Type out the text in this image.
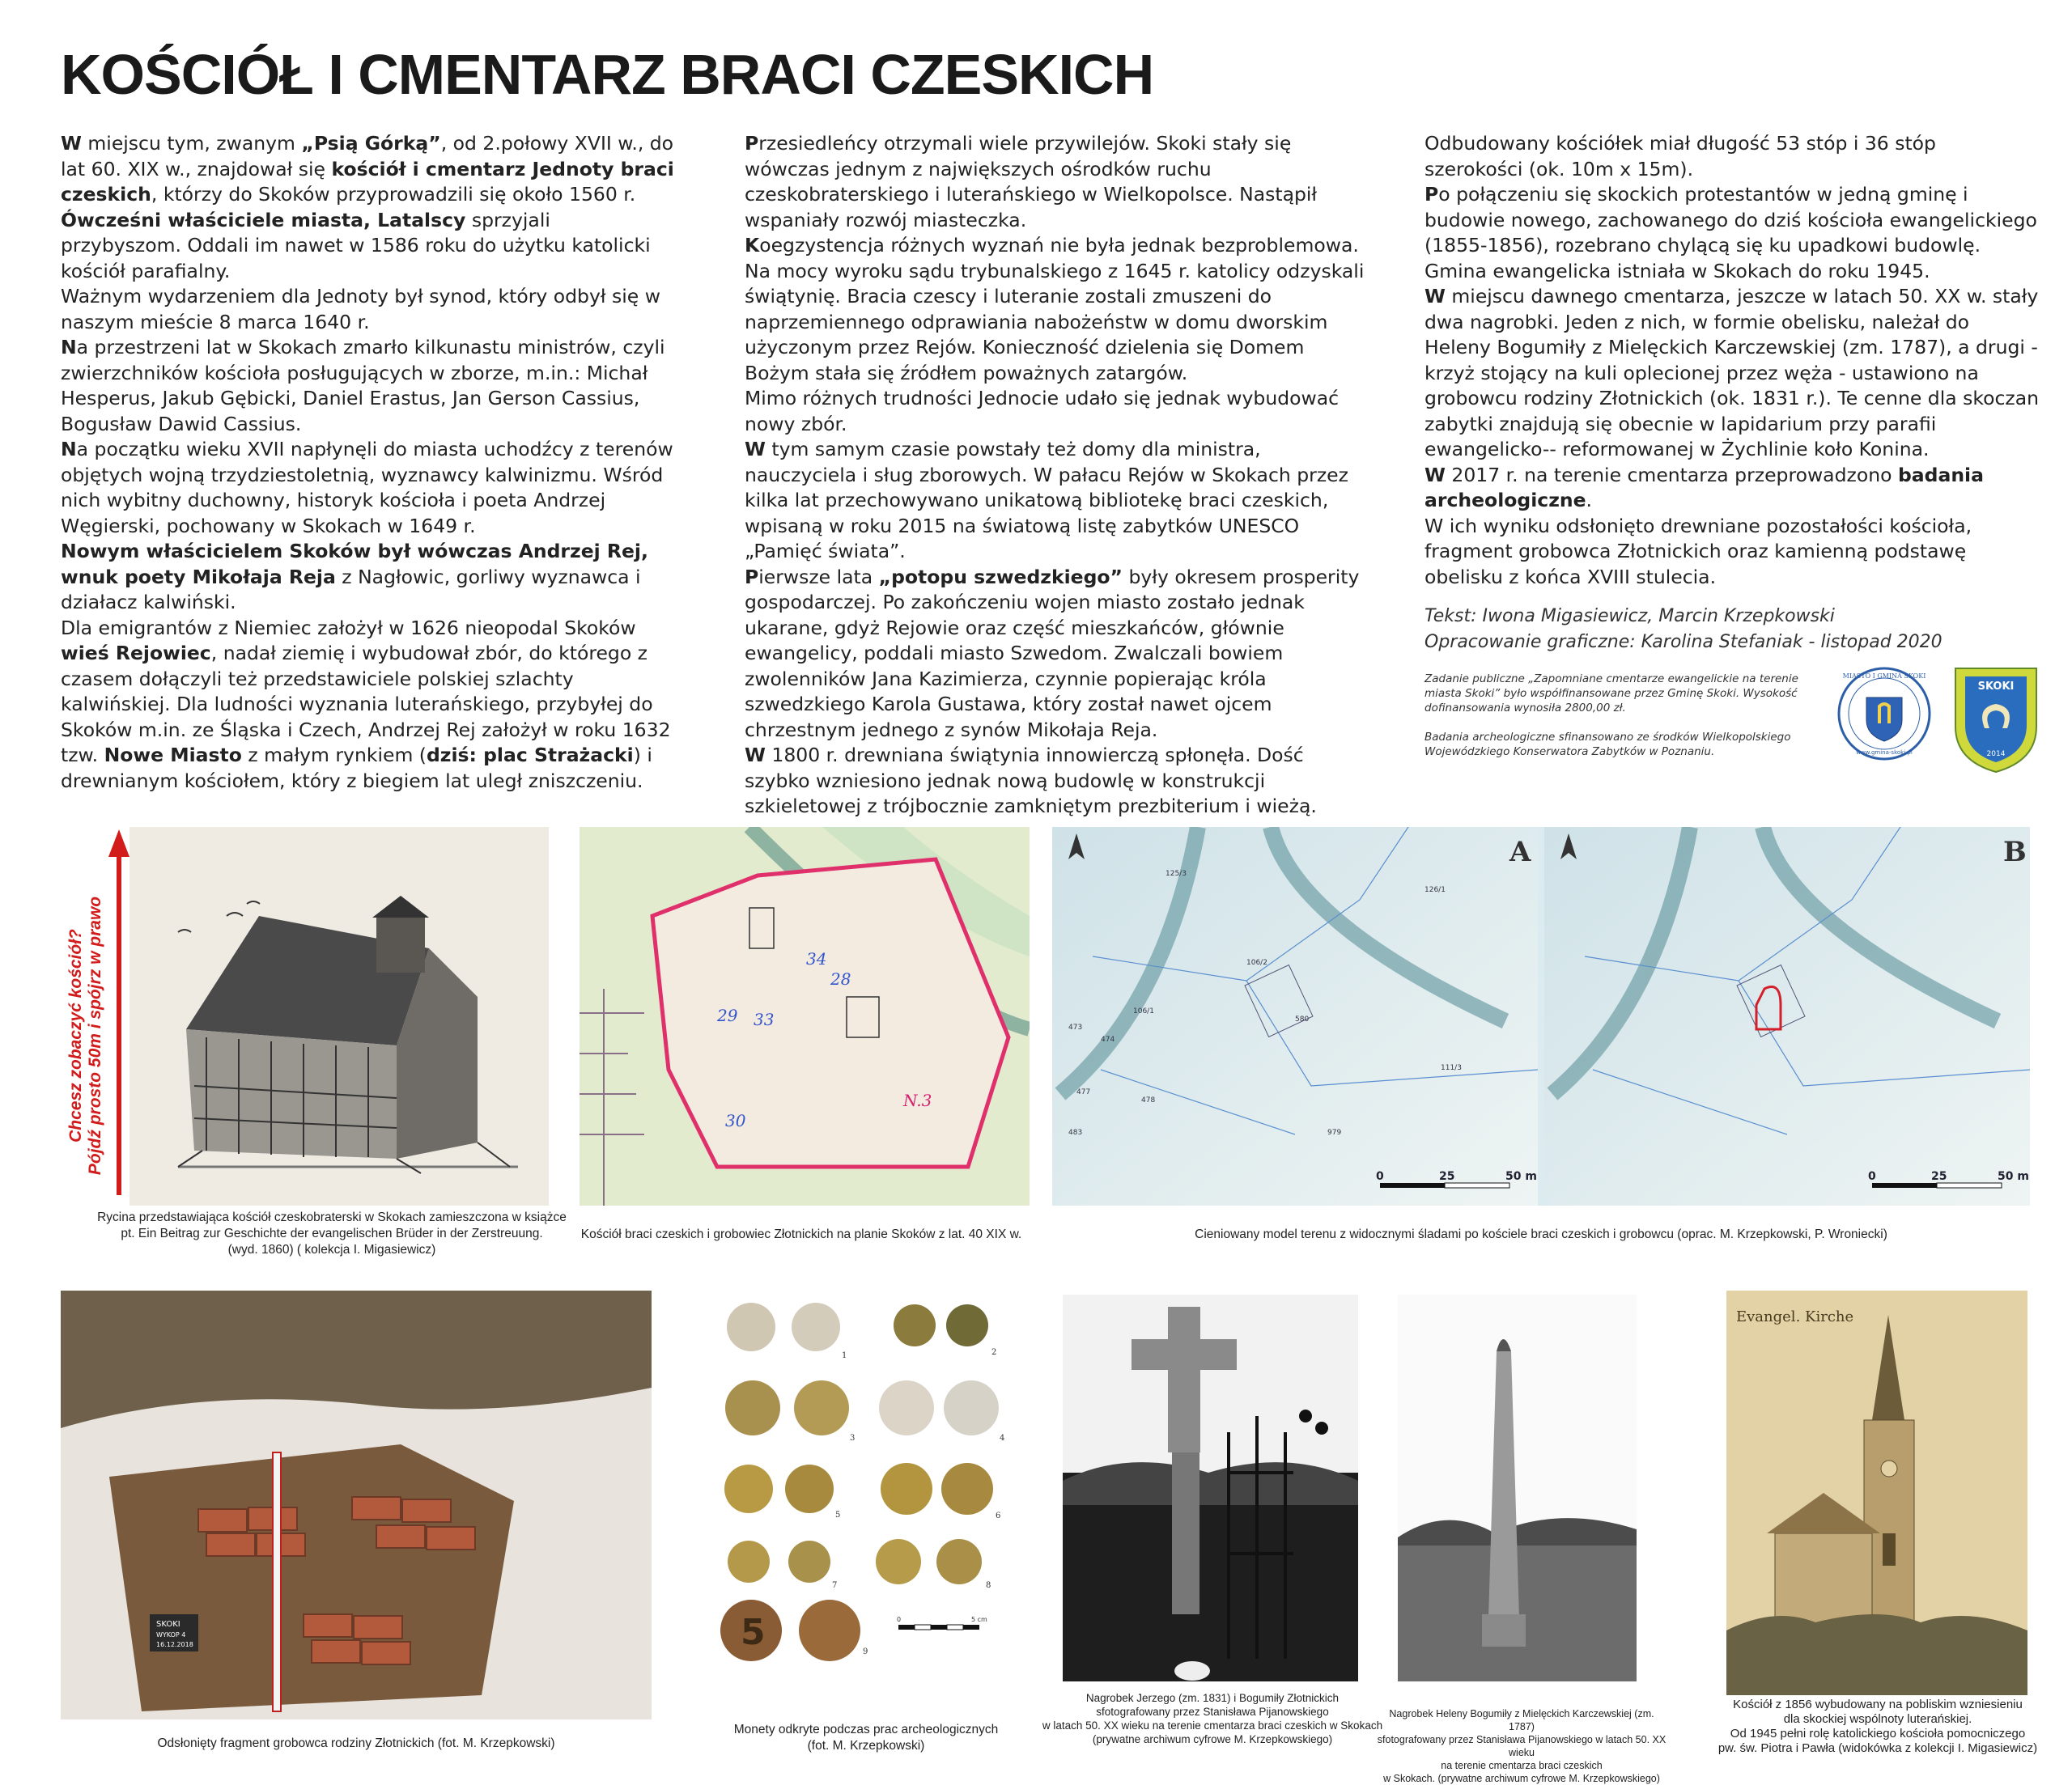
KOŚCIÓŁ I CMENTARZ BRACI CZESKICH

W miejscu tym, zwanym „Psią Górką”, od 2.połowy XVII w., do lat 60. XIX w., znajdował się kościół i cmentarz Jednoty braci czeskich, którzy do Skoków przyprowadzili się około 1560 r.

Ówcześni właściciele miasta, Latalscy sprzyjali przybyszom. Oddali im nawet w 1586 roku do użytku katolicki kościół parafialny.

Ważnym wydarzeniem dla Jednoty był synod, który odbył się w naszym mieście 8 marca 1640 r.

Na przestrzeni lat w Skokach zmarło kilkunastu ministrów, czyli zwierzchników kościoła posługujących w zborze, m.in.: Michał Hesperus, Jakub Gębicki, Daniel Erastus, Jan Gerson Cassius, Bogusław Dawid Cassius.

Na początku wieku XVII napłynęli do miasta uchodźcy z terenów objętych wojną trzydziestoletnią, wyznawcy kalwinizmu. Wśród nich wybitny duchowny, historyk kościoła i poeta Andrzej Węgierski, pochowany w Skokach w 1649 r.

Nowym właścicielem Skoków był wówczas Andrzej Rej, wnuk poety Mikołaja Reja z Nagłowic, gorliwy wyznawca i działacz kalwiński.

Dla emigrantów z Niemiec założył w 1626 nieopodal Skoków wieś Rejowiec, nadał ziemię i wybudował zbór, do którego z czasem dołączyli też przedstawiciele polskiej szlachty kalwińskiej. Dla ludności wyznania luterańskiego, przybyłej do Skoków m.in. ze Śląska i Czech, Andrzej Rej założył w roku 1632 tzw. Nowe Miasto z małym rynkiem (dziś: plac Strażacki) i drewnianym kościołem, który z biegiem lat uległ zniszczeniu.

Przesiedleńcy otrzymali wiele przywilejów. Skoki stały się wówczas jednym z największych ośrodków ruchu czeskobraterskiego i luterańskiego w Wielkopolsce. Nastąpił wspaniały rozwój miasteczka.

Koegzystencja różnych wyznań nie była jednak bezproblemowa. Na mocy wyroku sądu trybunalskiego z 1645 r. katolicy odzyskali świątynię. Bracia czescy i luteranie zostali zmuszeni do naprzemiennego odprawiania nabożeństw w domu dworskim użyczonym przez Rejów. Konieczność dzielenia się Domem Bożym stała się źródłem poważnych zatargów.

Mimo różnych trudności Jednocie udało się jednak wybudować nowy zbór.

W tym samym czasie powstały też domy dla ministra, nauczyciela i sług zborowych. W pałacu Rejów w Skokach przez kilka lat przechowywano unikatową bibliotekę braci czeskich, wpisaną w roku 2015 na światową listę zabytków UNESCO „Pamięć świata”.

Pierwsze lata „potopu szwedzkiego” były okresem prosperity gospodarczej. Po zakończeniu wojen miasto zostało jednak ukarane, gdyż Rejowie oraz część mieszkańców, głównie ewangelicy, poddali miasto Szwedom. Zwalczali bowiem zwolenników Jana Kazimierza, czynnie popierając króla szwedzkiego Karola Gustawa, który został nawet ojcem chrzestnym jednego z synów Mikołaja Reja.

W 1800 r. drewniana świątynia innowierczą spłonęła. Dość szybko wzniesiono jednak nową budowlę w konstrukcji szkieletowej z trójbocznie zamkniętym prezbiterium i wieżą.

Odbudowany kościółek miał długość 53 stóp i 36 stóp szerokości (ok. 10m x 15m).

Po połączeniu się skockich protestantów w jedną gminę i budowie nowego, zachowanego do dziś kościoła ewangelickiego (1855-1856), rozebrano chylącą się ku upadkowi budowlę. Gmina ewangelicka istniała w Skokach do roku 1945.

W miejscu dawnego cmentarza, jeszcze w latach 50. XX w. stały dwa nagrobki. Jeden z nich, w formie obelisku, należał do Heleny Bogumiły z Mielęckich Karczewskiej (zm. 1787), a drugi - krzyż stojący na kuli oplecionej przez węża - ustawiono na grobowcu rodziny Złotnickich (ok. 1831 r.). Te cenne dla skoczan zabytki znajdują się obecnie w lapidarium przy parafii ewangelicko-- reformowanej w Żychlinie koło Konina.

W 2017 r. na terenie cmentarza przeprowadzono badania archeologiczne.

W ich wyniku odsłonięto drewniane pozostałości kościoła, fragment grobowca Złotnickich oraz kamienną podstawę obelisku z końca XVIII stulecia.

Tekst: Iwona Migasiewicz, Marcin Krzepkowski
Opracowanie graficzne: Karolina Stefaniak - listopad 2020

Zadanie publiczne „Zapomniane cmentarze ewangelickie na terenie miasta Skoki” było współfinansowane przez Gminę Skoki. Wysokość dofinansowania wynosiła 2800,00 zł.

Badania archeologiczne sfinansowano ze środków Wielkopolskiego Wojewódzkiego Konserwatora Zabytków w Poznaniu.

MIASTO I GMINA SKOKI
www.gmina-skoki.pl
SKOKI
2014

Chcesz zobaczyć kościół? Pójdź prosto 50m i spójrz w prawo

Rycina przedstawiająca kościół czeskobraterski w Skokach zamieszczona w książce

pt. Ein Beitrag zur Geschichte der evangelischen Brüder in der Zerstreuung.

(wyd. 1860) ( kolekcja I. Migasiewicz)

34
28
29 33
30
N.3
Kościół braci czeskich i grobowiec Złotnickich na planie Skoków z lat. 40 XIX w.
A	B
125/3
126/1
106/2
106/1
580
473
474
477
478
483	979
111/3
0	25	50 m	0	25	50 m
Cieniowany model terenu z widocznymi śladami po kościele braci czeskich i grobowcu (oprac. M. Krzepkowski, P. Wroniecki)
SKOKI
WYKOP 4
16.12.2018
Odsłonięty fragment grobowca rodziny Złotnickich (fot. M. Krzepkowski)
5
1	2
3	4
5	6
7	8
9
0	5 cm

Monety odkryte podczas prac archeologicznych

(fot. M. Krzepkowski)

Nagrobek Jerzego (zm. 1831) i Bogumiły Złotnickich

sfotografowany przez Stanisława Pijanowskiego

w latach 50. XX wieku na terenie cmentarza braci czeskich w Skokach

(prywatne archiwum cyfrowe M. Krzepkowskiego)

Nagrobek Heleny Bogumiły z Mielęckich Karczewskiej (zm. 1787)

sfotografowany przez Stanisława Pijanowskiego w latach 50. XX wieku

na terenie cmentarza braci czeskich

w Skokach. (prywatne archiwum cyfrowe M. Krzepkowskiego)

Evangel. Kirche

Kościół z 1856 wybudowany na pobliskim wzniesieniu

dla skockiej wspólnoty luterańskiej.

Od 1945 pełni rolę katolickiego kościoła pomocniczego

pw. św. Piotra i Pawła (widokówka z kolekcji I. Migasiewicz)
